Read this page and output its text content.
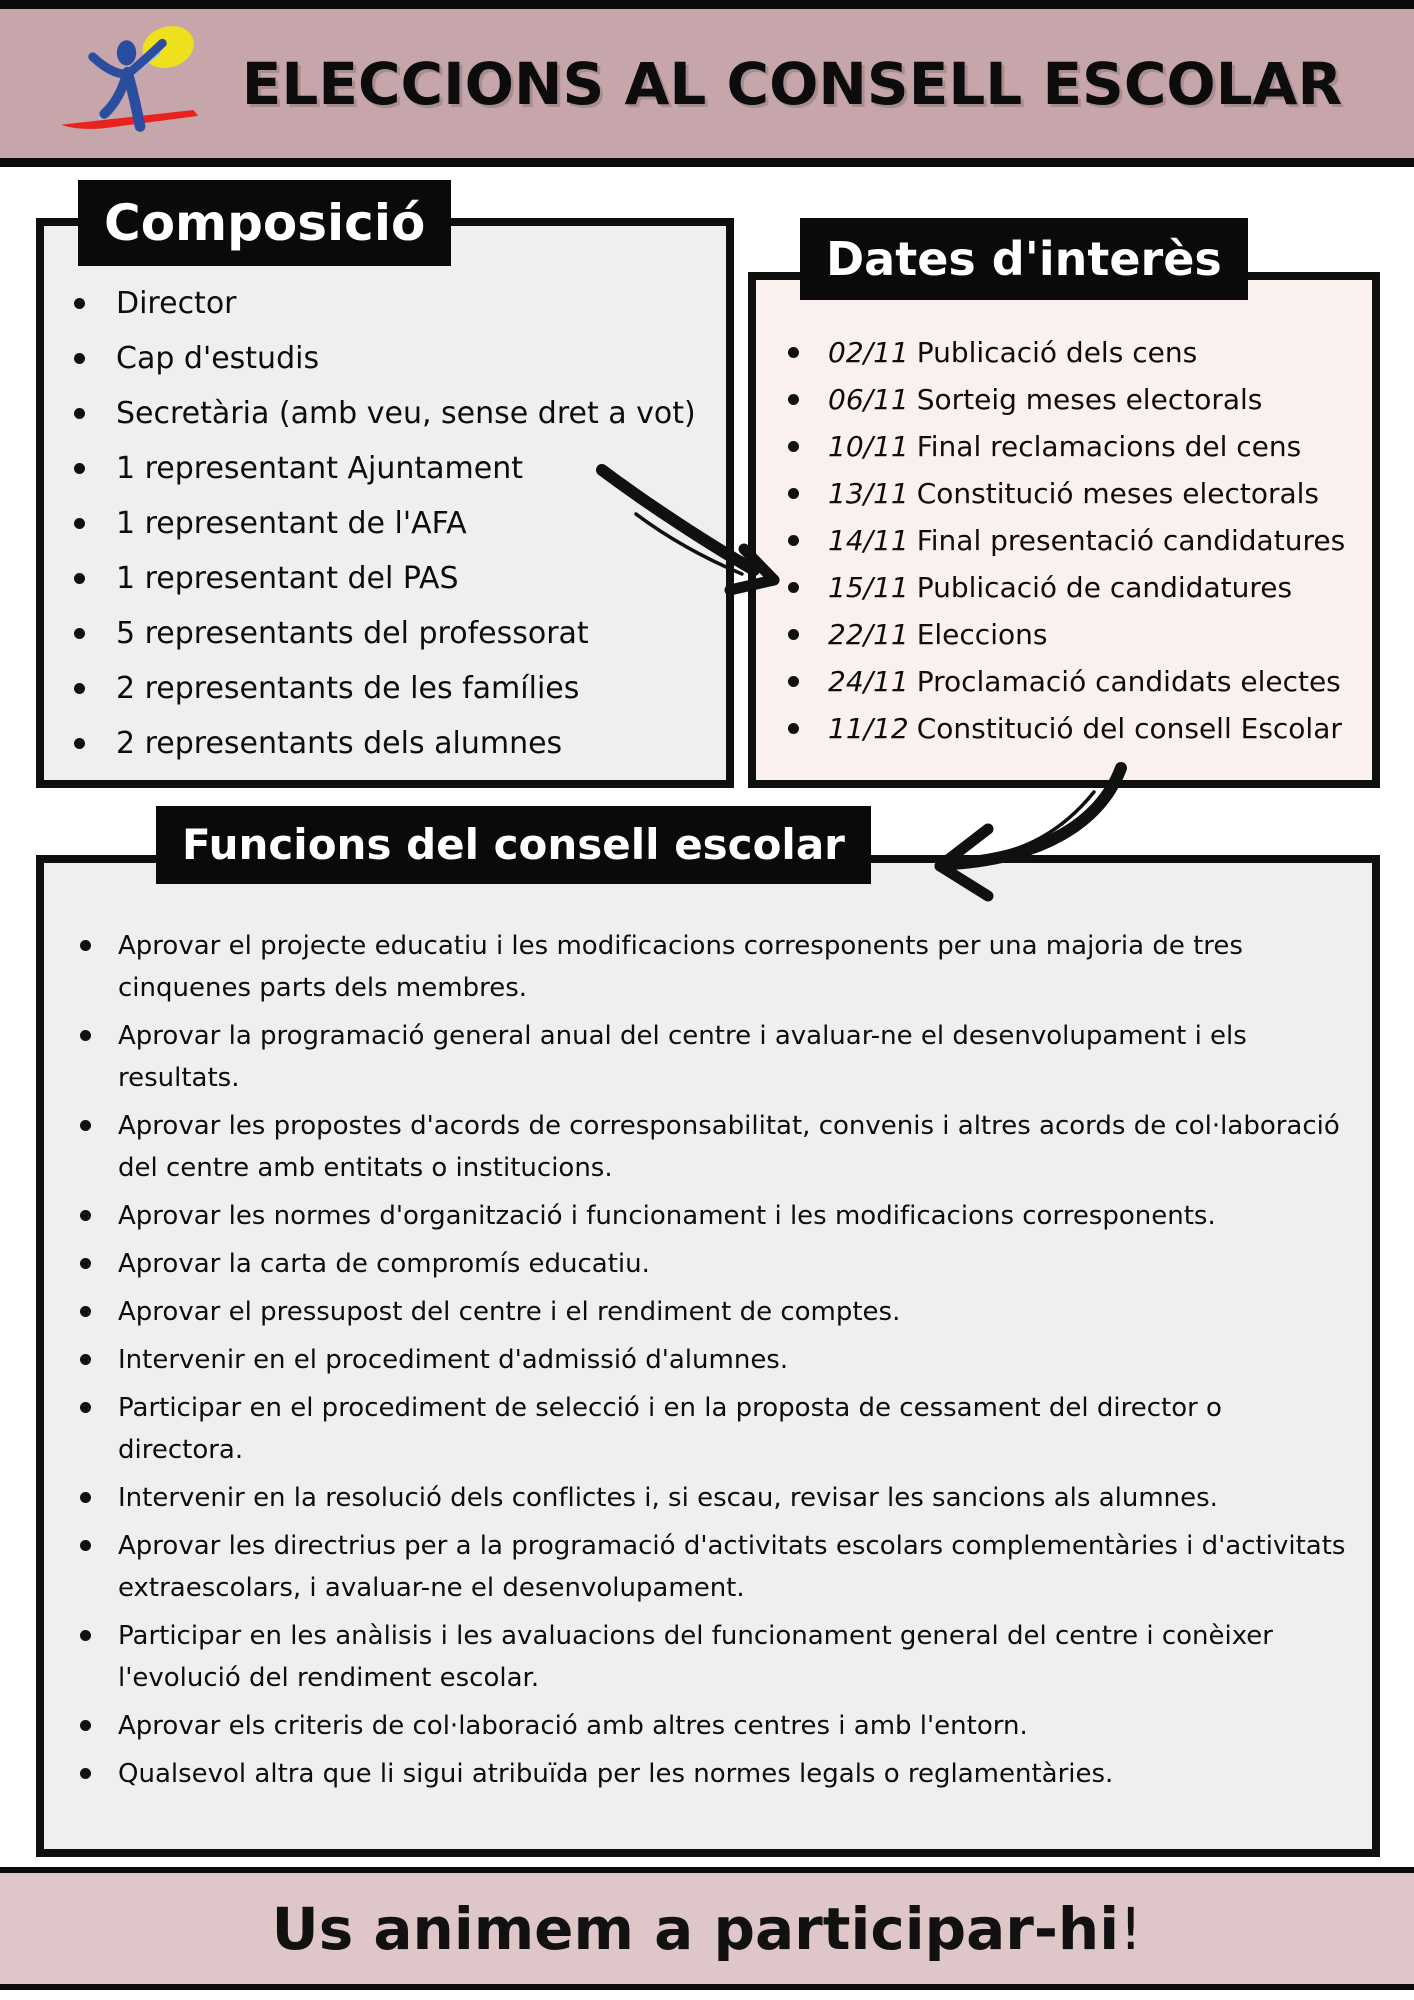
ELECCIONS AL CONSELL ESCOLAR
Composició
Director
Cap d'estudis
Secretària (amb veu, sense dret a vot)
1 representant Ajuntament
1 representant de l'AFA
1 representant del PAS
5 representants del professorat
2 representants de les famílies
2 representants dels alumnes
Dates d'interès
02/11 Publicació dels cens
06/11 Sorteig meses electorals
10/11 Final reclamacions del cens
13/11 Constitució meses electorals
14/11 Final presentació candidatures
15/11 Publicació de candidatures
22/11 Eleccions
24/11 Proclamació candidats electes
11/12 Constitució del consell Escolar
Funcions del consell escolar
Aprovar el projecte educatiu i les modificacions corresponents per una majoria de tres cinquenes parts dels membres.
Aprovar la programació general anual del centre i avaluar-ne el desenvolupament i els resultats.
Aprovar les propostes d'acords de corresponsabilitat, convenis i altres acords de col·laboració del centre amb entitats o institucions.
Aprovar les normes d'organització i funcionament i les modificacions corresponents.
Aprovar la carta de compromís educatiu.
Aprovar el pressupost del centre i el rendiment de comptes.
Intervenir en el procediment d'admissió d'alumnes.
Participar en el procediment de selecció i en la proposta de cessament del director o directora.
Intervenir en la resolució dels conflictes i, si escau, revisar les sancions als alumnes.
Aprovar les directrius per a la programació d'activitats escolars complementàries i d'activitats extraescolars, i avaluar-ne el desenvolupament.
Participar en les anàlisis i les avaluacions del funcionament general del centre i conèixer l'evolució del rendiment escolar.
Aprovar els criteris de col·laboració amb altres centres i amb l'entorn.
Qualsevol altra que li sigui atribuïda per les normes legals o reglamentàries.
Us animem a participar-hi!
